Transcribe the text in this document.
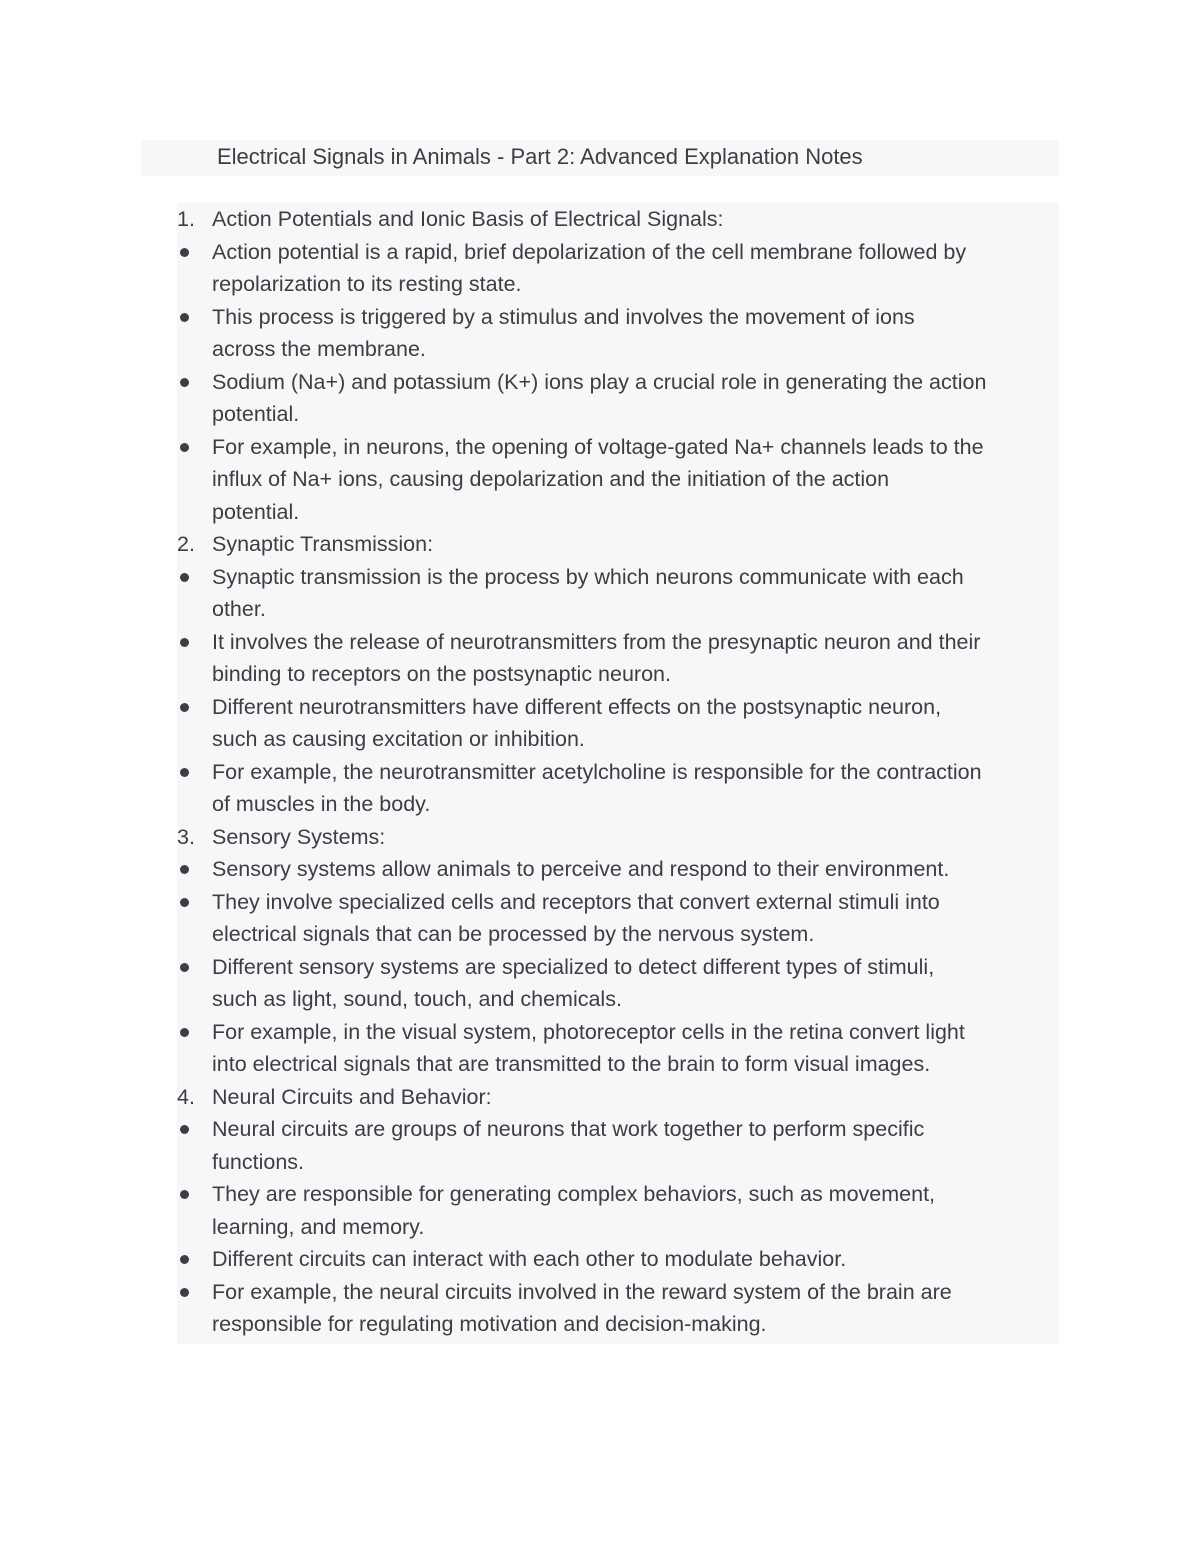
Electrical Signals in Animals - Part 2: Advanced Explanation Notes
1. Action Potentials and Ionic Basis of Electrical Signals:
Action potential is a rapid, brief depolarization of the cell membrane followed by
repolarization to its resting state.
This process is triggered by a stimulus and involves the movement of ions
across the membrane.
Sodium (Na+) and potassium (K+) ions play a crucial role in generating the action
potential.
For example, in neurons, the opening of voltage-gated Na+ channels leads to the
influx of Na+ ions, causing depolarization and the initiation of the action
potential.
2. Synaptic Transmission:
Synaptic transmission is the process by which neurons communicate with each
other.
It involves the release of neurotransmitters from the presynaptic neuron and their
binding to receptors on the postsynaptic neuron.
Different neurotransmitters have different effects on the postsynaptic neuron,
such as causing excitation or inhibition.
For example, the neurotransmitter acetylcholine is responsible for the contraction
of muscles in the body.
3. Sensory Systems:
Sensory systems allow animals to perceive and respond to their environment.
They involve specialized cells and receptors that convert external stimuli into
electrical signals that can be processed by the nervous system.
Different sensory systems are specialized to detect different types of stimuli,
such as light, sound, touch, and chemicals.
For example, in the visual system, photoreceptor cells in the retina convert light
into electrical signals that are transmitted to the brain to form visual images.
4. Neural Circuits and Behavior:
Neural circuits are groups of neurons that work together to perform specific
functions.
They are responsible for generating complex behaviors, such as movement,
learning, and memory.
Different circuits can interact with each other to modulate behavior.
For example, the neural circuits involved in the reward system of the brain are
responsible for regulating motivation and decision-making.
